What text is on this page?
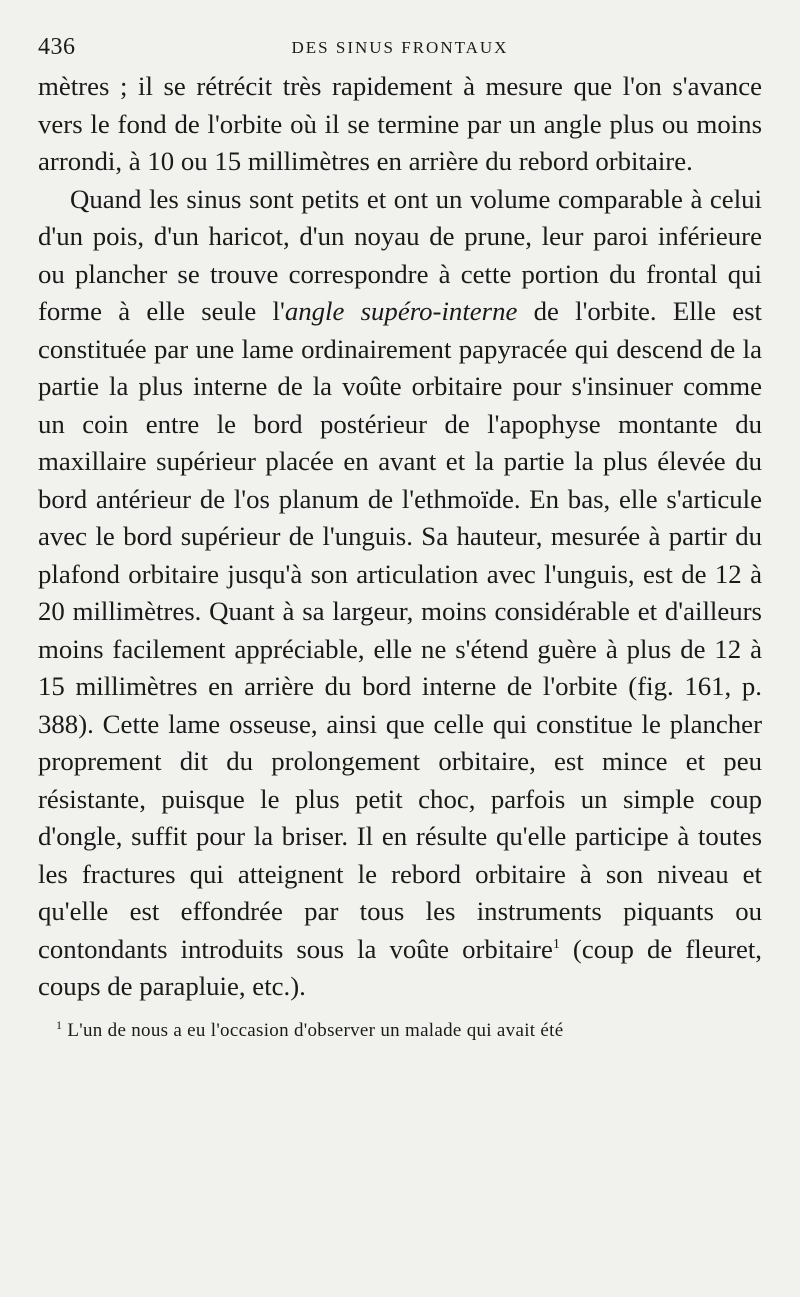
436	DES SINUS FRONTAUX

mètres ; il se rétrécit très rapidement à mesure que l'on s'avance vers le fond de l'orbite où il se termine par un angle plus ou moins arrondi, à 10 ou 15 millimètres en arrière du rebord orbitaire.

Quand les sinus sont petits et ont un volume comparable à celui d'un pois, d'un haricot, d'un noyau de prune, leur paroi inférieure ou plancher se trouve correspondre à cette portion du frontal qui forme à elle seule l'angle supéro-interne de l'orbite. Elle est constituée par une lame ordinairement papyracée qui descend de la partie la plus interne de la voûte orbitaire pour s'insinuer comme un coin entre le bord postérieur de l'apophyse montante du maxillaire supérieur placée en avant et la partie la plus élevée du bord antérieur de l'os planum de l'ethmoïde. En bas, elle s'articule avec le bord supérieur de l'unguis. Sa hauteur, mesurée à partir du plafond orbitaire jusqu'à son articulation avec l'unguis, est de 12 à 20 millimètres. Quant à sa largeur, moins considérable et d'ailleurs moins facilement appréciable, elle ne s'étend guère à plus de 12 à 15 millimètres en arrière du bord interne de l'orbite (fig. 161, p. 388). Cette lame osseuse, ainsi que celle qui constitue le plancher proprement dit du prolongement orbitaire, est mince et peu résistante, puisque le plus petit choc, parfois un simple coup d'ongle, suffit pour la briser. Il en résulte qu'elle participe à toutes les fractures qui atteignent le rebord orbitaire à son niveau et qu'elle est effondrée par tous les instruments piquants ou contondants introduits sous la voûte orbitaire$^1$ (coup de fleuret, coups de parapluie, etc.).

$^1$ L'un de nous a eu l'occasion d'observer un malade qui avait été
